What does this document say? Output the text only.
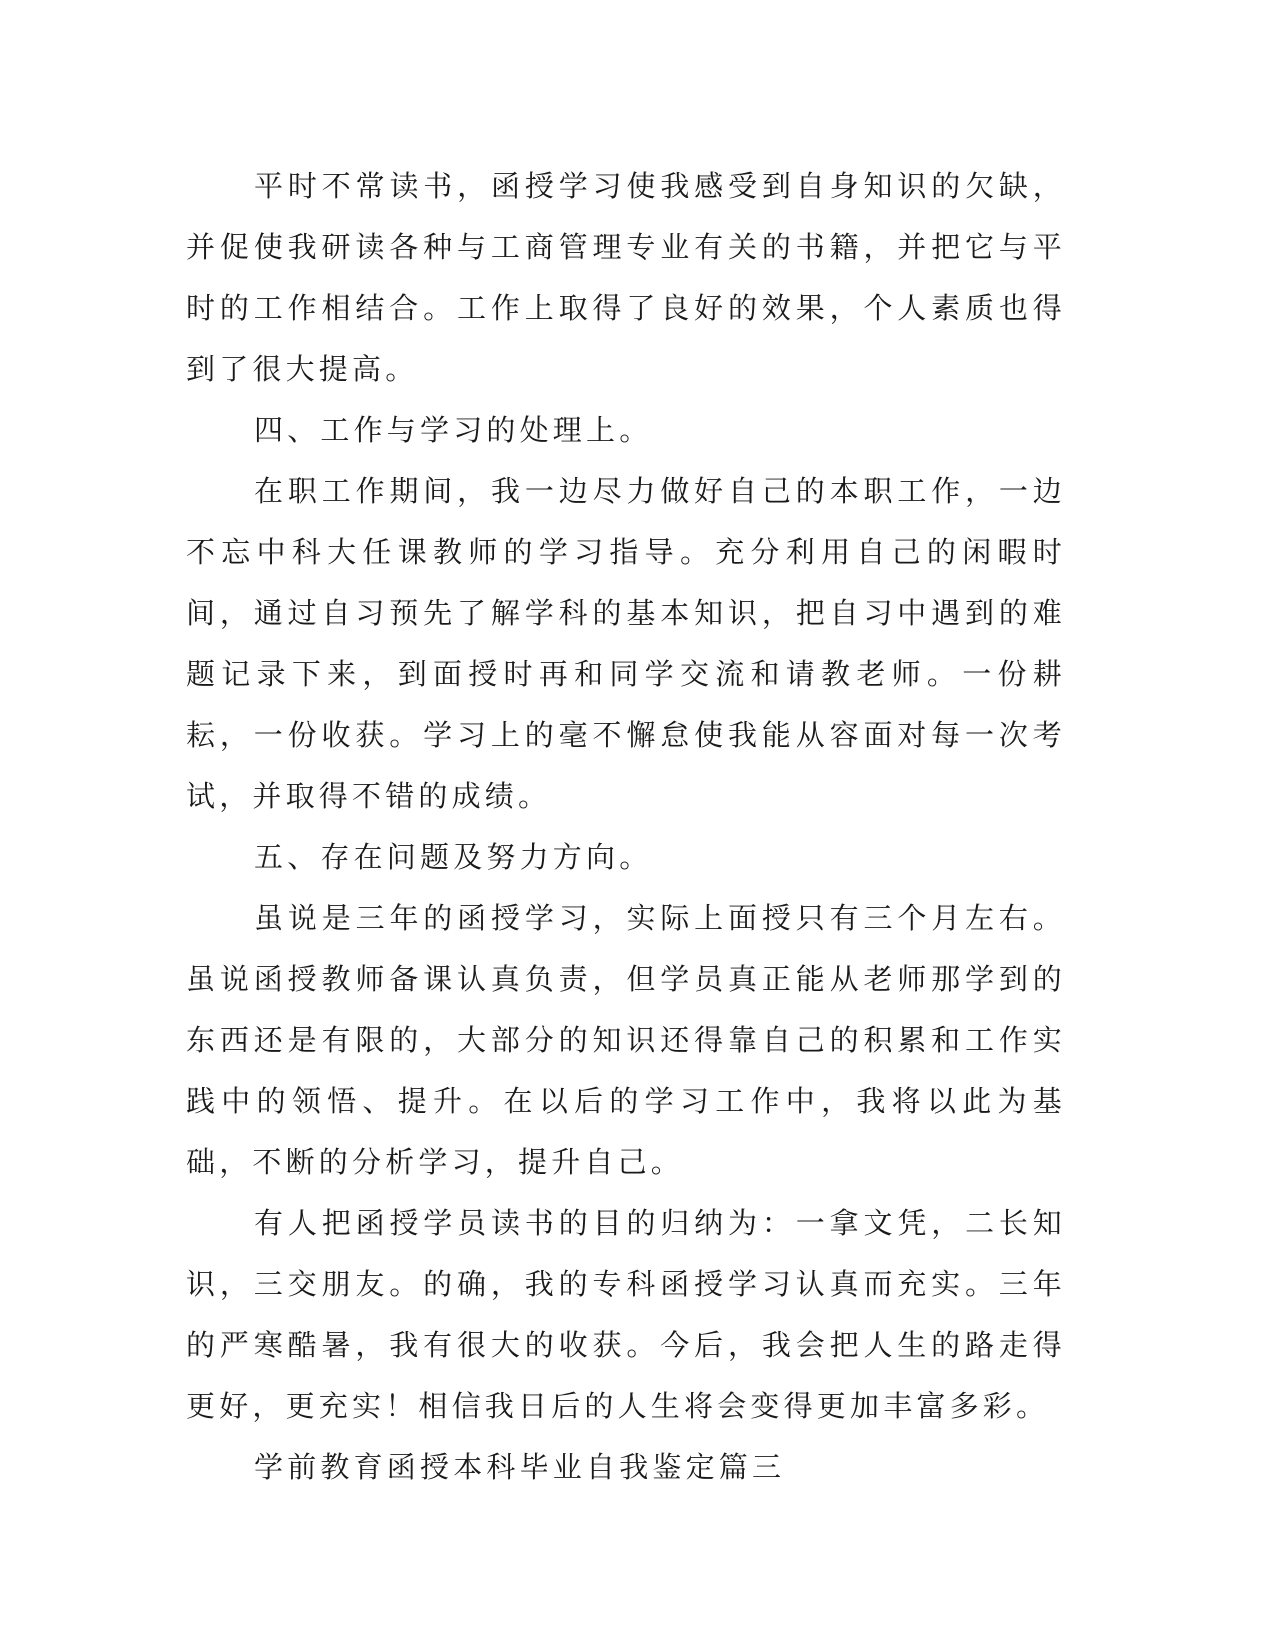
平时不常读书，函授学习使我感受到自身知识的欠缺，并促使我研读各种与工商管理专业有关的书籍，并把它与平时的工作相结合。工作上取得了良好的效果，个人素质也得到了很大提高。

四、工作与学习的处理上。

在职工作期间，我一边尽力做好自己的本职工作，一边不忘中科大任课教师的学习指导。充分利用自己的闲暇时间，通过自习预先了解学科的基本知识，把自习中遇到的难题记录下来，到面授时再和同学交流和请教老师。一份耕耘，一份收获。学习上的毫不懈怠使我能从容面对每一次考试，并取得不错的成绩。

五、存在问题及努力方向。

虽说是三年的函授学习，实际上面授只有三个月左右。虽说函授教师备课认真负责，但学员真正能从老师那学到的东西还是有限的，大部分的知识还得靠自己的积累和工作实践中的领悟、提升。在以后的学习工作中，我将以此为基础，不断的分析学习，提升自己。

有人把函授学员读书的目的归纳为：一拿文凭，二长知识，三交朋友。的确，我的专科函授学习认真而充实。三年的严寒酷暑，我有很大的收获。今后，我会把人生的路走得更好，更充实！相信我日后的人生将会变得更加丰富多彩。

学前教育函授本科毕业自我鉴定篇三
